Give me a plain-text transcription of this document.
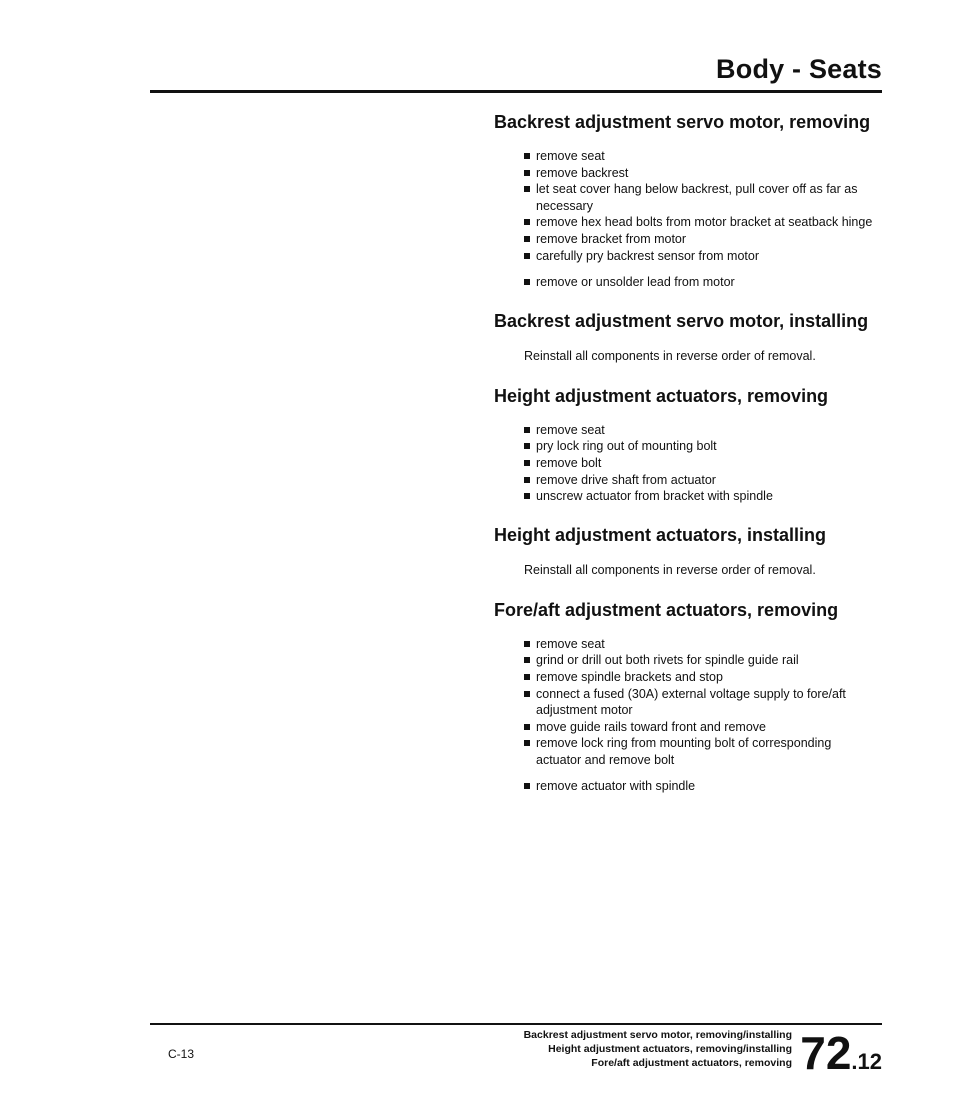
Body - Seats
Backrest adjustment servo motor, removing
remove seat
remove backrest
let seat cover hang below backrest, pull cover off as far as necessary
remove hex head bolts from motor bracket at seatback hinge
remove bracket from motor
carefully pry backrest sensor from motor
remove or unsolder lead from motor
Backrest adjustment servo motor, installing

Reinstall all components in reverse order of removal.

Height adjustment actuators, removing
remove seat
pry lock ring out of mounting bolt
remove bolt
remove drive shaft from actuator
unscrew actuator from bracket with spindle
Height adjustment actuators, installing

Reinstall all components in reverse order of removal.

Fore/aft adjustment actuators, removing
remove seat
grind or drill out both rivets for spindle guide rail
remove spindle brackets and stop
connect a fused (30A) external voltage supply to fore/aft adjustment motor
move guide rails toward front and remove
remove lock ring from mounting bolt of corresponding actuator and remove bolt
remove actuator with spindle
C-13
Backrest adjustment servo motor, removing/installing
Height adjustment actuators, removing/installing
Fore/aft adjustment actuators, removing 72.12
